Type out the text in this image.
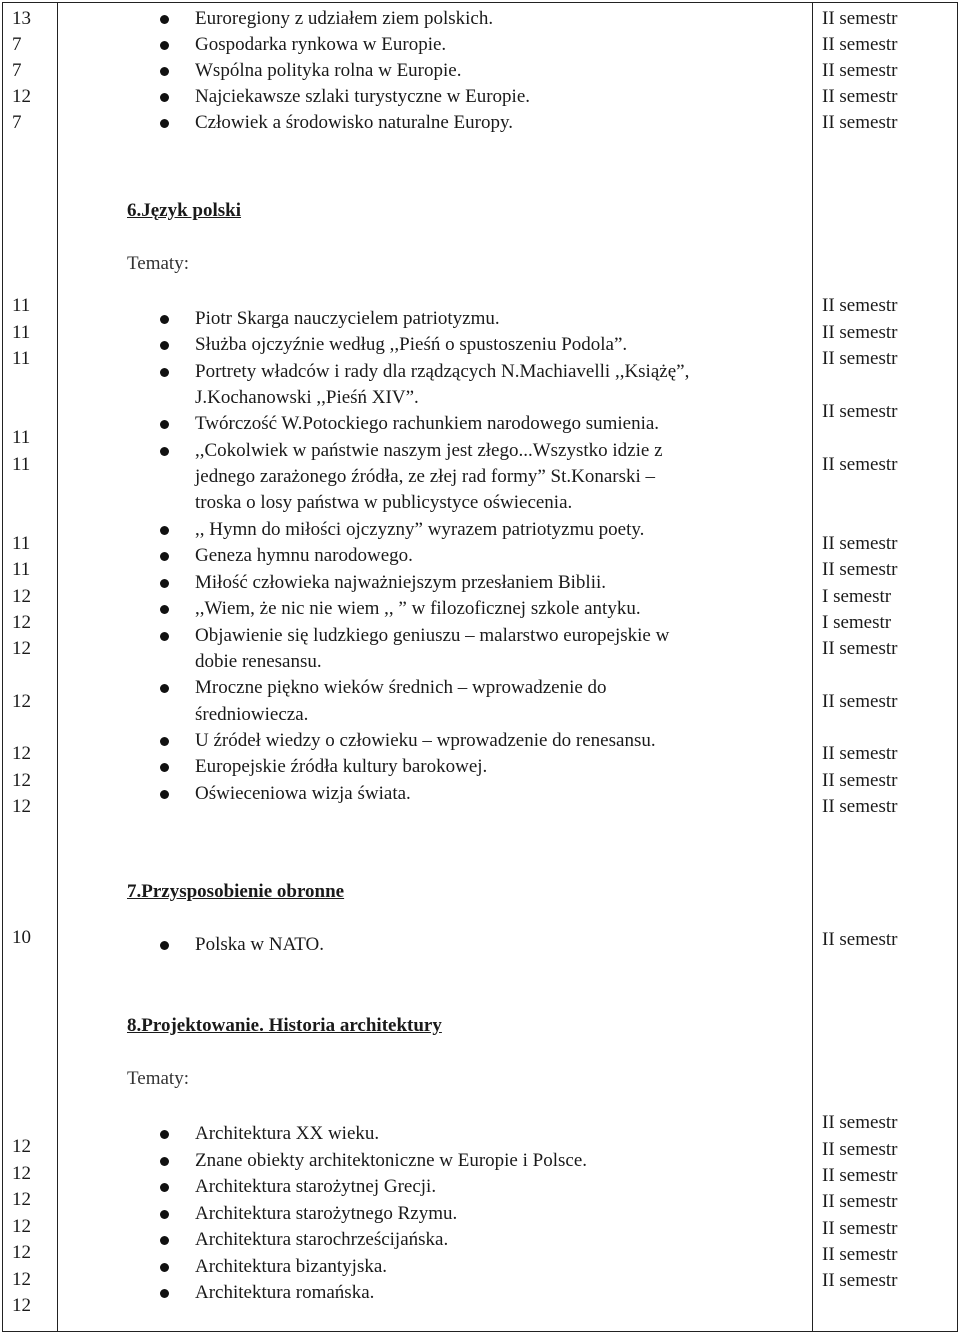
13
7
7
12
7
Euroregiony z udziałem ziem polskich.
Gospodarka rynkowa w Europie.
Wspólna polityka rolna w Europie.
Najciekawsze szlaki turystyczne w Europie.
Człowiek a środowisko naturalne Europy.
II semestr
II semestr
II semestr
II semestr
II semestr
6.Język polski
Tematy:
11
11
11
11
11
11
11
12
12
12
12
12
12
12
Piotr Skarga nauczycielem patriotyzmu.
Służba ojczyźnie według ,,Pieśń o spustoszeniu Podola”.
Portrety władców i rady dla rządzących N.Machiavelli ,,Książę”,
J.Kochanowski ,,Pieśń XIV”.
Twórczość W.Potockiego rachunkiem narodowego sumienia.
,,Cokolwiek w państwie naszym jest złego...Wszystko idzie z
jednego zarażonego źródła, ze złej rad formy” St.Konarski –
troska o losy państwa w publicystyce oświecenia.
,, Hymn do miłości ojczyzny” wyrazem patriotyzmu poety.
Geneza hymnu narodowego.
Miłość człowieka najważniejszym przesłaniem Biblii.
,,Wiem, że nic nie wiem ,, ” w filozoficznej szkole antyku.
Objawienie się ludzkiego geniuszu – malarstwo europejskie w
dobie renesansu.
Mroczne piękno wieków średnich – wprowadzenie do
średniowiecza.
U źródeł wiedzy o człowieku – wprowadzenie do renesansu.
Europejskie źródła kultury barokowej.
Oświeceniowa wizja świata.
II semestr
II semestr
II semestr
II semestr
II semestr
II semestr
II semestr
I semestr
I semestr
II semestr
II semestr
II semestr
II semestr
II semestr
7.Przysposobienie obronne
10	Polska w NATO.	II semestr
8.Projektowanie. Historia architektury
Tematy:
12
12
12
12
12
12
12
Architektura XX wieku.
Znane obiekty architektoniczne w Europie i Polsce.
Architektura starożytnej Grecji.
Architektura starożytnego Rzymu.
Architektura starochrześcijańska.
Architektura bizantyjska.
Architektura romańska.
II semestr
II semestr
II semestr
II semestr
II semestr
II semestr
II semestr
